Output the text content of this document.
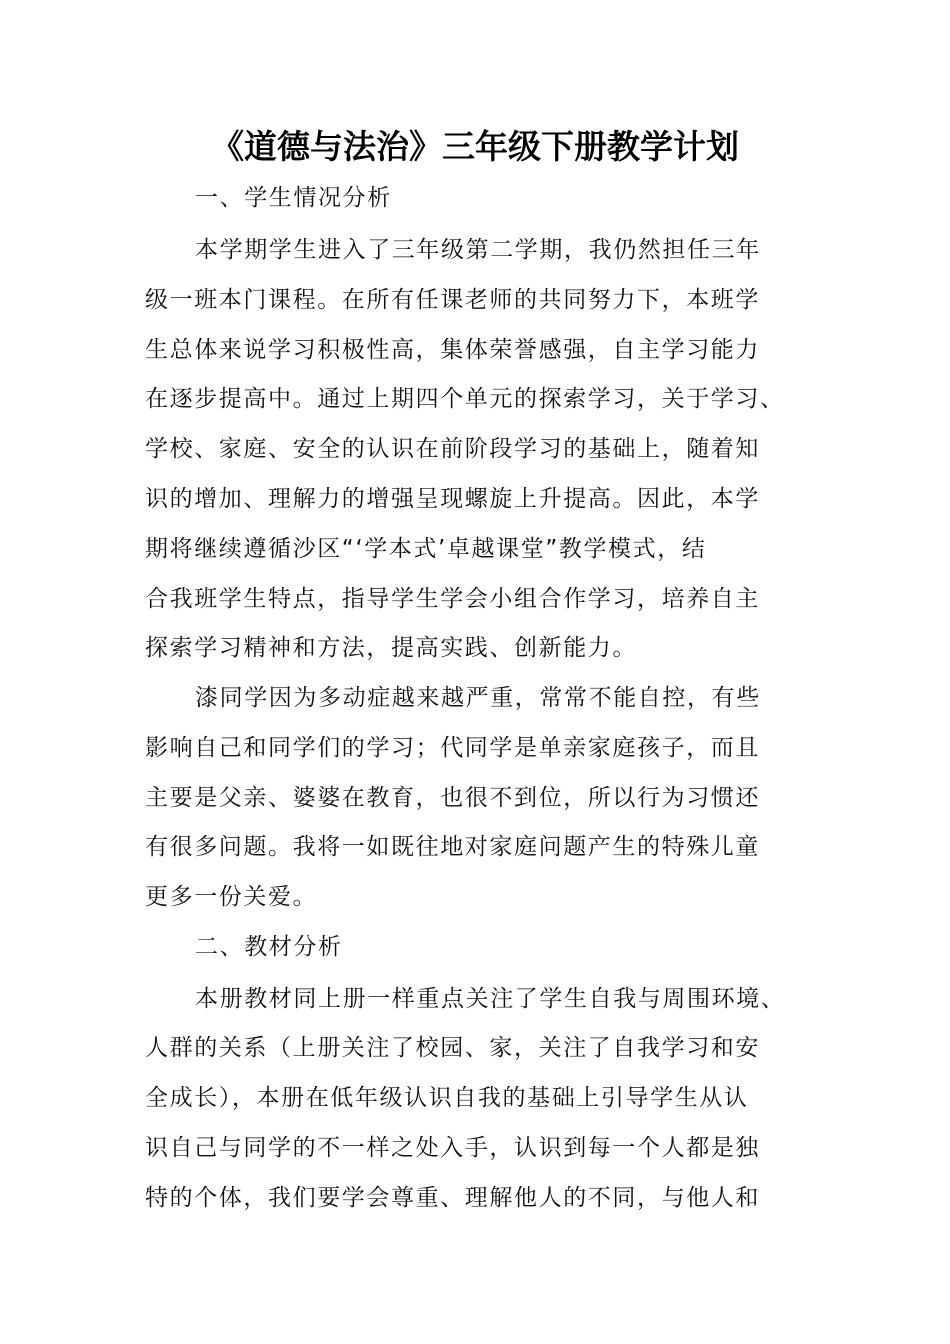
《道德与法治》三年级下册教学计划

一、学生情况分析

本学期学生进入了三年级第二学期，我仍然担任三年

级一班本门课程。在所有任课老师的共同努力下，本班学

生总体来说学习积极性高，集体荣誉感强，自主学习能力

在逐步提高中。通过上期四个单元的探索学习，关于学习、

学校、家庭、安全的认识在前阶段学习的基础上，随着知

识的增加、理解力的增强呈现螺旋上升提高。因此，本学

期将继续遵循沙区“‘学本式’卓越课堂”教学模式，结

合我班学生特点，指导学生学会小组合作学习，培养自主

探索学习精神和方法，提高实践、创新能力。

漆同学因为多动症越来越严重，常常不能自控，有些

影响自己和同学们的学习；代同学是单亲家庭孩子，而且

主要是父亲、婆婆在教育，也很不到位，所以行为习惯还

有很多问题。我将一如既往地对家庭问题产生的特殊儿童

更多一份关爱。

二、教材分析

本册教材同上册一样重点关注了学生自我与周围环境、

人群的关系（上册关注了校园、家，关注了自我学习和安

全成长），本册在低年级认识自我的基础上引导学生从认

识自己与同学的不一样之处入手，认识到每一个人都是独

特的个体，我们要学会尊重、理解他人的不同，与他人和
